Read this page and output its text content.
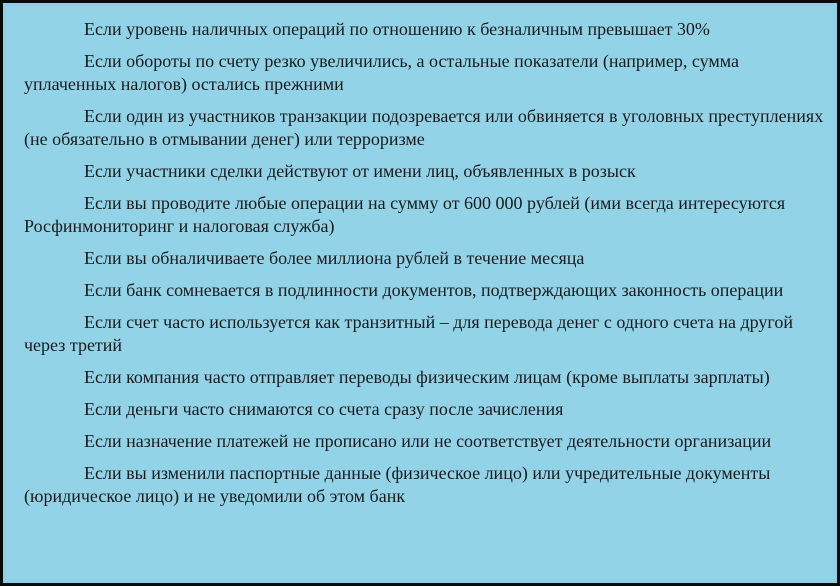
Если уровень наличных операций по отношению к безналичным превышает 30%
Если обороты по счету резко увеличились, а остальные показатели (например, сумма уплаченных налогов) остались прежними
Если один из участников транзакции подозревается или обвиняется в уголовных преступлениях (не обязательно в отмывании денег) или терроризме
Если участники сделки действуют от имени лиц, объявленных в розыск
Если вы проводите любые операции на сумму от 600 000 рублей (ими всегда интересуются Росфинмониторинг и налоговая служба)
Если вы обналичиваете более миллиона рублей в течение месяца
Если банк сомневается в подлинности документов, подтверждающих законность операции
Если счет часто используется как транзитный – для перевода денег с одного счета на другой через третий
Если компания часто отправляет переводы физическим лицам (кроме выплаты зарплаты)
Если деньги часто снимаются со счета сразу после зачисления
Если назначение платежей не прописано или не соответствует деятельности организации
Если вы изменили паспортные данные (физическое лицо) или учредительные документы (юридическое лицо) и не уведомили об этом банк
